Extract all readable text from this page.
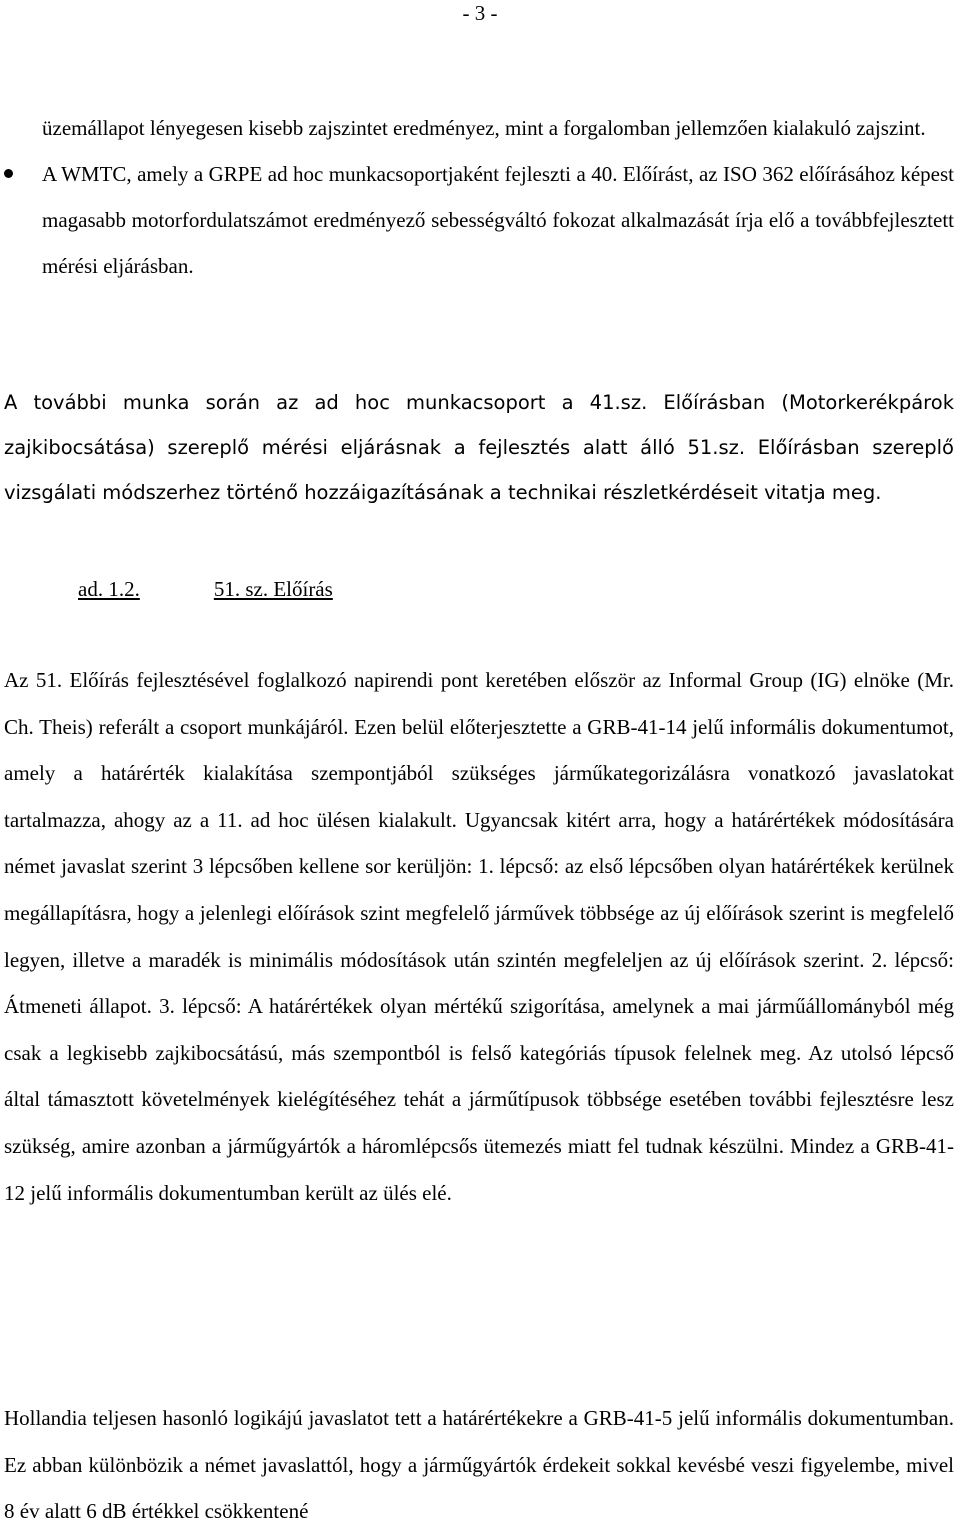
- 3 -
üzemállapot lényegesen kisebb zajszintet eredményez, mint a forgalomban jellemzően kialakuló zajszint.
A WMTC, amely a GRPE ad hoc munkacsoportjaként fejleszti a 40. Előírást, az ISO 362 előírásához képest magasabb motorfordulatszámot eredményező sebességváltó fokozat alkalmazását írja elő a továbbfejlesztett mérési eljárásban.

A további munka során az ad hoc munkacsoport a 41.sz. Előírásban (Motorkerékpárok zajkibocsátása) szereplő mérési eljárásnak a fejlesztés alatt álló 51.sz. Előírásban szereplő vizsgálati módszerhez történő hozzáigazításának a technikai részletkérdéseit vitatja meg.

ad. 1.2.	51. sz. Előírás

Az 51. Előírás fejlesztésével foglalkozó napirendi pont keretében először az Informal Group (IG) elnöke (Mr. Ch. Theis) referált a csoport munkájáról. Ezen belül előterjesztette a GRB-41-14 jelű informális dokumentumot, amely a határérték kialakítása szempontjából szükséges járműkategorizálásra vonatkozó javaslatokat tartalmazza, ahogy az a 11. ad hoc ülésen kialakult. Ugyancsak kitért arra, hogy a határértékek módosítására német javaslat szerint 3 lépcsőben kellene sor kerüljön: 1. lépcső: az első lépcsőben olyan határértékek kerülnek megállapításra, hogy a jelenlegi előírások szint megfelelő járművek többsége az új előírások szerint is megfelelő legyen, illetve a maradék is minimális módosítások után szintén megfeleljen az új előírások szerint. 2. lépcső: Átmeneti állapot. 3. lépcső: A határértékek olyan mértékű szigorítása, amelynek a mai járműállományból még csak a legkisebb zajkibocsátású, más szempontból is felső kategóriás típusok felelnek meg. Az utolsó lépcső által támasztott követelmények kielégítéséhez tehát a járműtípusok többsége esetében további fejlesztésre lesz szükség, amire azonban a járműgyártók a háromlépcsős ütemezés miatt fel tudnak készülni. Mindez a GRB-41-12 jelű informális dokumentumban került az ülés elé.

Hollandia teljesen hasonló logikájú javaslatot tett a határértékekre a GRB-41-5 jelű informális dokumentumban. Ez abban különbözik a német javaslattól, hogy a járműgyártók érdekeit sokkal kevésbé veszi figyelembe, mivel 8 év alatt 6 dB értékkel csökkentené
